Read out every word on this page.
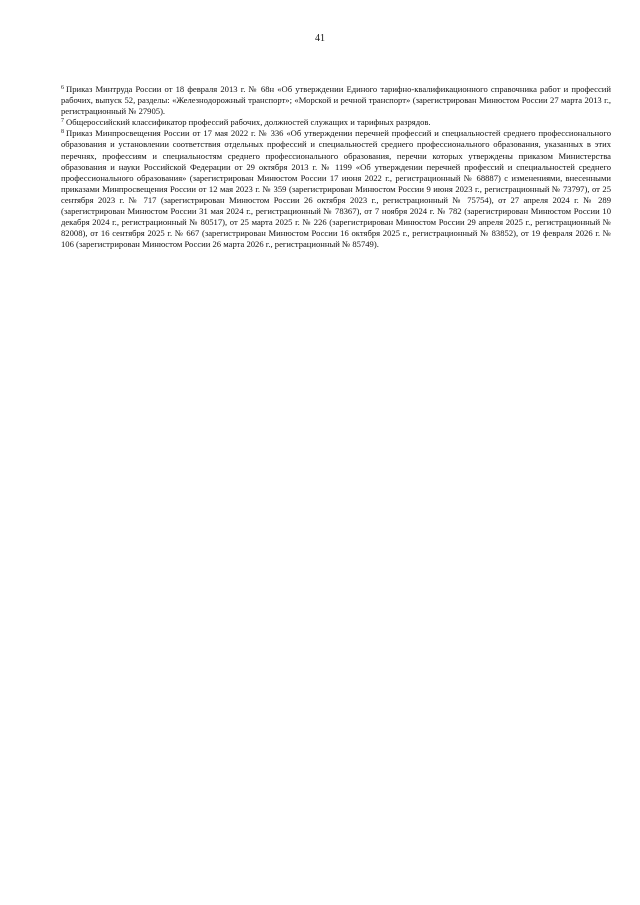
41

$^6$ Приказ Минтруда России от 18 февраля 2013 г. № 68н «Об утверждении Единого тарифно-квалификационного справочника работ и профессий рабочих, выпуск 52, разделы: «Железнодорожный транспорт»; «Морской и речной транспорт» (зарегистрирован Минюстом России 27 марта 2013 г., регистрационный № 27905).

$^7$ Общероссийский классификатор профессий рабочих, должностей служащих и тарифных разрядов.

$^8$ Приказ Минпросвещения России от 17 мая 2022 г. № 336 «Об утверждении перечней профессий и специальностей среднего профессионального образования и установлении соответствия отдельных профессий и специальностей среднего профессионального образования, указанных в этих перечнях, профессиям и специальностям среднего профессионального образования, перечни которых утверждены приказом Министерства образования и науки Российской Федерации от 29 октября 2013 г. № 1199 «Об утверждении перечней профессий и специальностей среднего профессионального образования» (зарегистрирован Минюстом России 17 июня 2022 г., регистрационный № 68887) с изменениями, внесенными приказами Минпросвещения России от 12 мая 2023 г. № 359 (зарегистрирован Минюстом России 9 июня 2023 г., регистрационный № 73797), от 25 сентября 2023 г. № 717 (зарегистрирован Минюстом России 26 октября 2023 г., регистрационный № 75754), от 27 апреля 2024 г. № 289 (зарегистрирован Минюстом России 31 мая 2024 г., регистрационный № 78367), от 7 ноября 2024 г. № 782 (зарегистрирован Минюстом России 10 декабря 2024 г., регистрационный № 80517), от 25 марта 2025 г. № 226 (зарегистрирован Минюстом России 29 апреля 2025 г., регистрационный № 82008), от 16 сентября 2025 г. № 667 (зарегистрирован Минюстом России 16 октября 2025 г., регистрационный № 83852), от 19 февраля 2026 г. № 106 (зарегистрирован Минюстом России 26 марта 2026 г., регистрационный № 85749).
